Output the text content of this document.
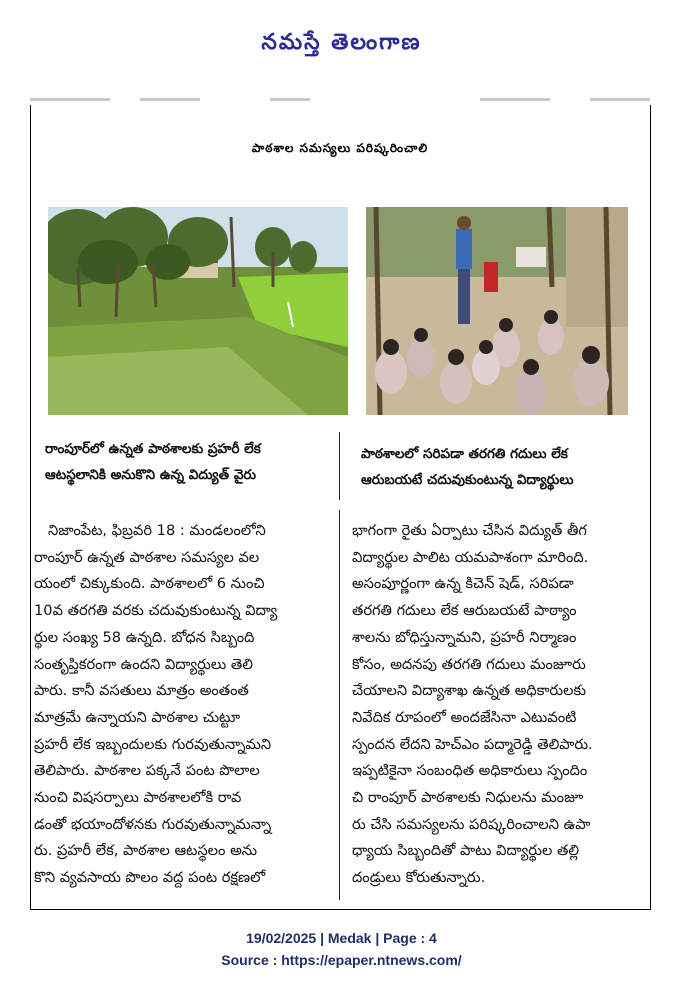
నమస్తే తెలంగాణ
పాఠశాల సమస్యలు పరిష్కరించాలి
రాంపూర్‌లో ఉన్నత పాఠశాలకు ప్రహరీ లేక
ఆటస్థలానికి అనుకొని ఉన్న విద్యుత్ వైరు
పాఠశాలలో సరిపడా తరగతి గదులు లేక
ఆరుబయటే చదువుకుంటున్న విద్యార్థులు

నిజాంపేట, ఫిబ్రవరి 18 : మండలంలోని

రాంపూర్ ఉన్నత పాఠశాల సమస్యల వల

యంలో చిక్కుకుంది. పాఠశాలలో 6 నుంచి

10వ తరగతి వరకు చదువుకుంటున్న విద్యా

ర్థుల సంఖ్య 58 ఉన్నది. బోధన సిబ్బంది

సంతృప్తికరంగా ఉందని విద్యార్థులు తెలి

పారు. కానీ వసతులు మాత్రం అంతంత

మాత్రమే ఉన్నాయని పాఠశాల చుట్టూ

ప్రహరీ లేక ఇబ్బందులకు గురవుతున్నామని

తెలిపారు. పాఠశాల పక్కనే పంట పొలాల

నుంచి విషసర్పాలు పాఠశాలలోకి రావ

డంతో భయాందోళనకు గురవుతున్నామన్నా

రు. ప్రహరీ లేక, పాఠశాల ఆటస్థలం అను

కొని వ్యవసాయ పొలం వద్ద పంట రక్షణలో

భాగంగా రైతు ఏర్పాటు చేసిన విద్యుత్ తీగ

విద్యార్థుల పాలిట యమపాశంగా మారింది.

అసంపూర్ణంగా ఉన్న కిచెన్ షెడ్, సరిపడా

తరగతి గదులు లేక ఆరుబయటే పాఠ్యాం

శాలను బోధిస్తున్నామని, ప్రహరీ నిర్మాణం

కోసం, అదనపు తరగతి గదులు మంజూరు

చేయాలని విద్యాశాఖ ఉన్నత అధికారులకు

నివేదిక రూపంలో అందజేసినా ఎటువంటి

స్పందన లేదని హెచ్‌ఎం పద్మారెడ్డి తెలిపారు.

ఇప్పటికైనా సంబంధిత అధికారులు స్పందిం

చి రాంపూర్ పాఠశాలకు నిధులను మంజూ

రు చేసి సమస్యలను పరిష్కరించాలని ఉపా

ధ్యాయ సిబ్బందితో పాటు విద్యార్థుల తల్లి

దండ్రులు కోరుతున్నారు.

19/02/2025 | Medak | Page : 4
Source : https://epaper.ntnews.com/
